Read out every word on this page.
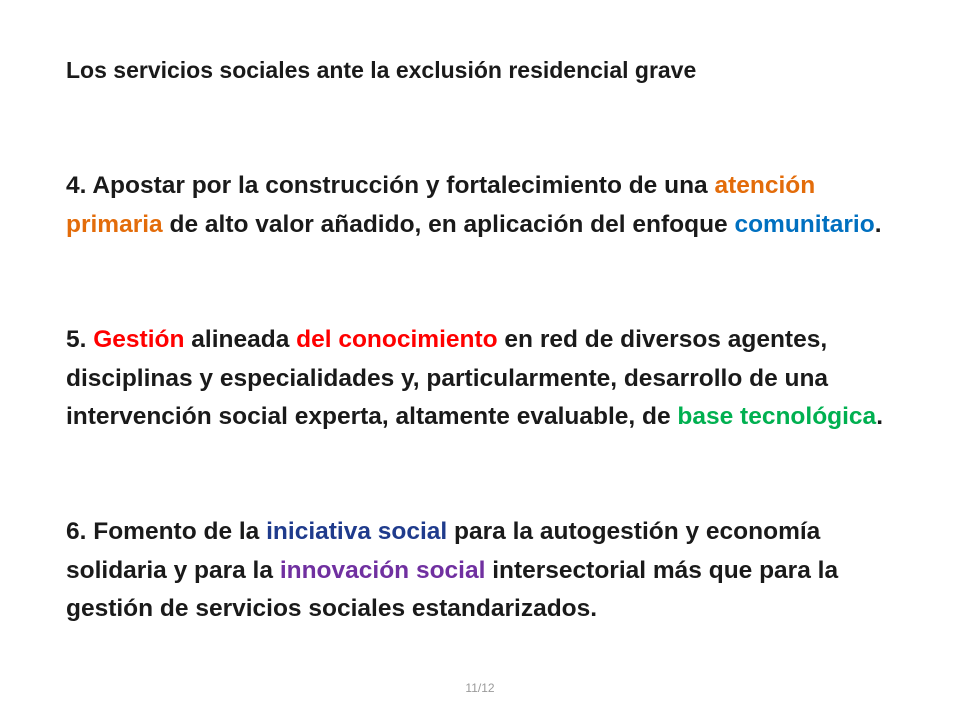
Los servicios sociales ante la exclusión residencial grave

4. Apostar por la construcción y fortalecimiento de una atención primaria de alto valor añadido, en aplicación del enfoque comunitario.

5. Gestión alineada del conocimiento en red de diversos agentes, disciplinas y especialidades y, particularmente, desarrollo de una intervención social experta, altamente evaluable, de base tecnológica.

6. Fomento de la iniciativa social para la autogestión y economía solidaria y para la innovación social intersectorial más que para la gestión de servicios sociales estandarizados.

11/12
